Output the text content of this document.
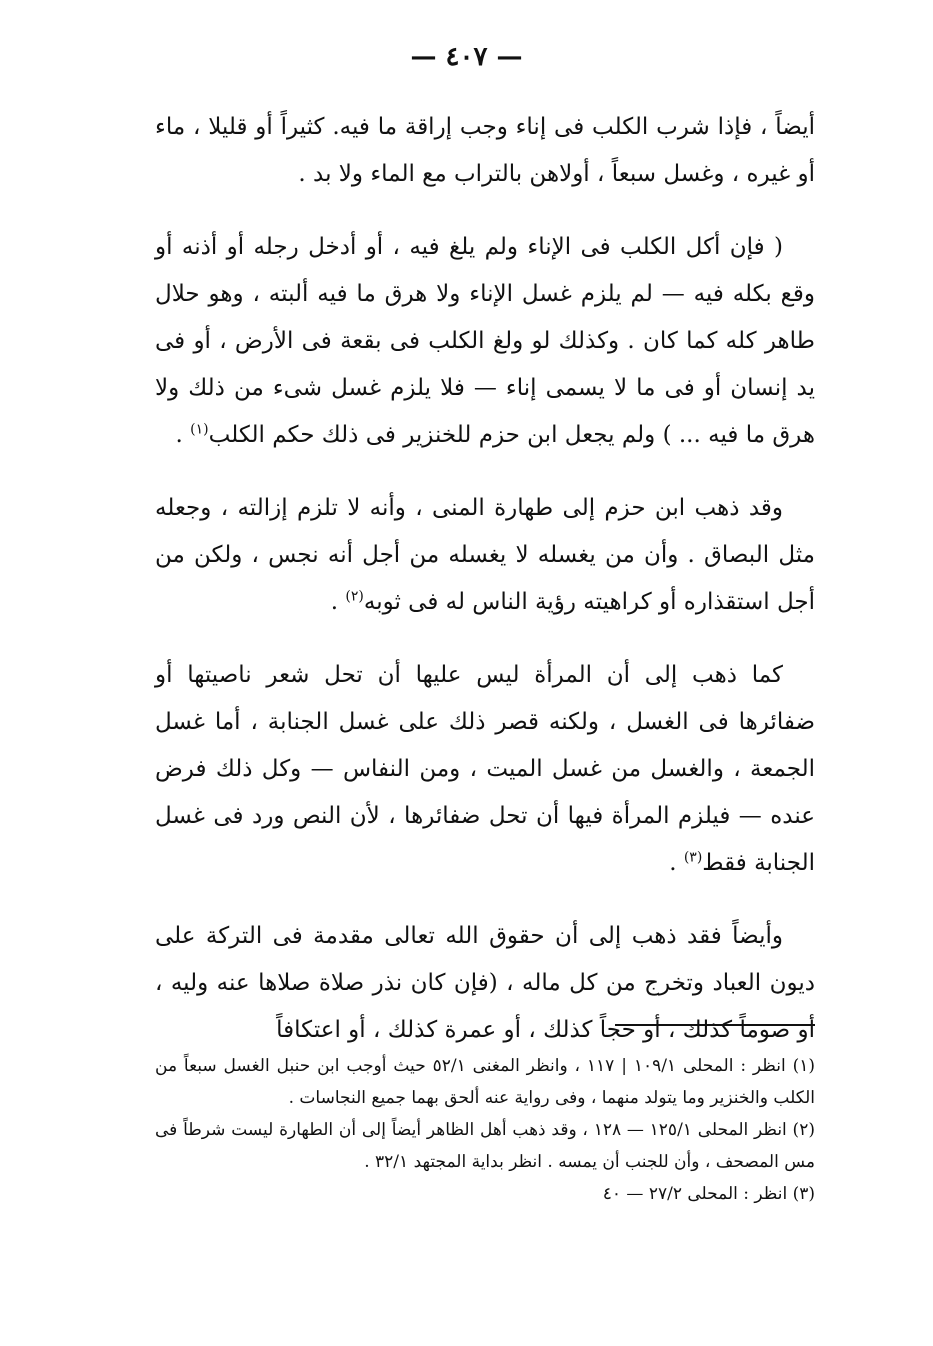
— ٤٠٧ —

أيضاً ، فإذا شرب الكلب فى إناء وجب إراقة ما فيه. كثيراً أو قليلا ، ماء أو غيره ، وغسل سبعاً ، أولاهن بالتراب مع الماء ولا بد .

( فإن أكل الكلب فى الإناء ولم يلغ فيه ، أو أدخل رجله أو أذنه أو وقع بكله فيه — لم يلزم غسل الإناء ولا هرق ما فيه ألبته ، وهو حلال طاهر كله كما كان . وكذلك لو ولغ الكلب فى بقعة فى الأرض ، أو فى يد إنسان أو فى ما لا يسمى إناء — فلا يلزم غسل شىء من ذلك ولا هرق ما فيه ... ) ولم يجعل ابن حزم للخنزير فى ذلك حكم الكلب$^{(١)}$ .

وقد ذهب ابن حزم إلى طهارة المنى ، وأنه لا تلزم إزالته ، وجعله مثل البصاق . وأن من يغسله لا يغسله من أجل أنه نجس ، ولكن من أجل استقذاره أو كراهيته رؤية الناس له فى ثوبه$^{(٢)}$ .

كما ذهب إلى أن المرأة ليس عليها أن تحل شعر ناصيتها أو ضفائرها فى الغسل ، ولكنه قصر ذلك على غسل الجنابة ، أما غسل الجمعة ، والغسل من غسل الميت ، ومن النفاس — وكل ذلك فرض عنده — فيلزم المرأة فيها أن تحل ضفائرها ، لأن النص ورد فى غسل الجنابة فقط$^{(٣)}$ .

وأيضاً فقد ذهب إلى أن حقوق الله تعالى مقدمة فى التركة على ديون العباد وتخرج من كل ماله ، (فإن كان نذر صلاة صلاها عنه وليه ، أو صوماً كذلك ، أو حجاً كذلك ، أو عمرة كذلك ، أو اعتكافاً

(١) انظر : المحلى ١٠٩/١ | ١١٧ ، وانظر المغنى ٥٢/١ حيث أوجب ابن حنبل الغسل سبعاً من الكلب والخنزير وما يتولد منهما ، وفى رواية عنه ألحق بهما جميع النجاسات .

(٢) انظر المحلى ١٢٥/١ — ١٢٨ ، وقد ذهب أهل الظاهر أيضاً إلى أن الطهارة ليست شرطاً فى مس المصحف ، وأن للجنب أن يمسه . انظر بداية المجتهد ٣٢/١ .

(٣) انظر : المحلى ٢٧/٢ — ٤٠
